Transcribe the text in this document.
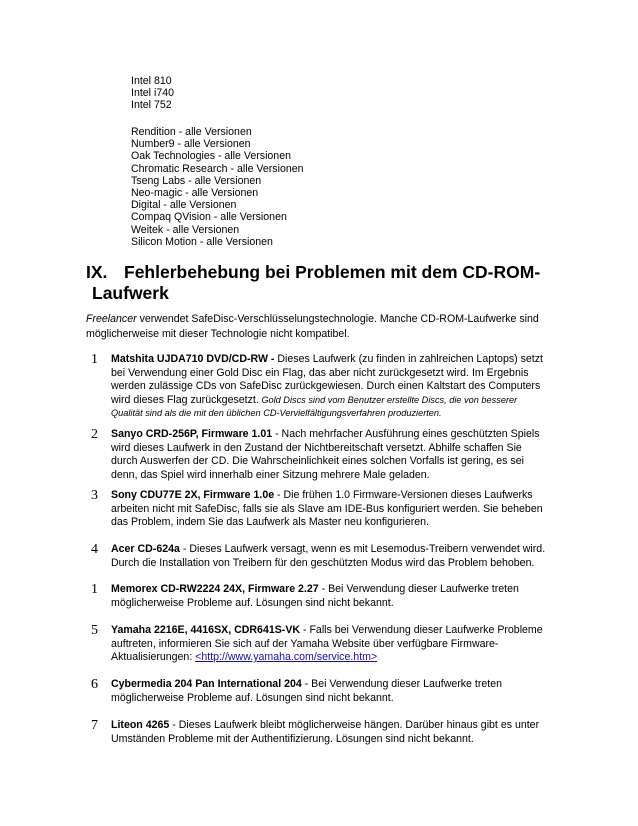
Intel 810
Intel i740
Intel 752
Rendition - alle Versionen
Number9 - alle Versionen
Oak Technologies - alle Versionen
Chromatic Research - alle Versionen
Tseng Labs - alle Versionen
Neo-magic - alle Versionen
Digital - alle Versionen
Compaq QVision - alle Versionen
Weitek - alle Versionen
Silicon Motion - alle Versionen
IX. Fehlerbehebung bei Problemen mit dem CD-ROM-
Laufwerk

Freelancer verwendet SafeDisc-Verschlüsselungstechnologie. Manche CD-ROM-Laufwerke sind möglicherweise mit dieser Technologie nicht kompatibel.

1 Matshita UJDA710 DVD/CD-RW - Dieses Laufwerk (zu finden in zahlreichen Laptops) setzt bei Verwendung einer Gold Disc ein Flag, das aber nicht zurückgesetzt wird. Im Ergebnis werden zulässige CDs von SafeDisc zurückgewiesen. Durch einen Kaltstart des Computers wird dieses Flag zurückgesetzt. Gold Discs sind vom Benutzer erstellte Discs, die von besserer Qualität sind als die mit den üblichen CD-Vervielfältigungsverfahren produzierten.
2 Sanyo CRD-256P, Firmware 1.01 - Nach mehrfacher Ausführung eines geschützten Spiels wird dieses Laufwerk in den Zustand der Nichtbereitschaft versetzt. Abhilfe schaffen Sie durch Auswerfen der CD. Die Wahrscheinlichkeit eines solchen Vorfalls ist gering, es sei denn, das Spiel wird innerhalb einer Sitzung mehrere Male geladen.
3 Sony CDU77E 2X, Firmware 1.0e - Die frühen 1.0 Firmware-Versionen dieses Laufwerks arbeiten nicht mit SafeDisc, falls sie als Slave am IDE-Bus konfiguriert werden. Sie beheben das Problem, indem Sie das Laufwerk als Master neu konfigurieren.
4 Acer CD-624a - Dieses Laufwerk versagt, wenn es mit Lesemodus-Treibern verwendet wird. Durch die Installation von Treibern für den geschützten Modus wird das Problem behoben.
1 Memorex CD-RW2224 24X, Firmware 2.27 - Bei Verwendung dieser Laufwerke treten möglicherweise Probleme auf. Lösungen sind nicht bekannt.
5 Yamaha 2216E, 4416SX, CDR641S-VK - Falls bei Verwendung dieser Laufwerke Probleme auftreten, informieren Sie sich auf der Yamaha Website über verfügbare Firmware-Aktualisierungen: <http://www.yamaha.com/service.htm>
6 Cybermedia 204 Pan International 204 - Bei Verwendung dieser Laufwerke treten möglicherweise Probleme auf. Lösungen sind nicht bekannt.
7 Liteon 4265 - Dieses Laufwerk bleibt möglicherweise hängen. Darüber hinaus gibt es unter Umständen Probleme mit der Authentifizierung. Lösungen sind nicht bekannt.
